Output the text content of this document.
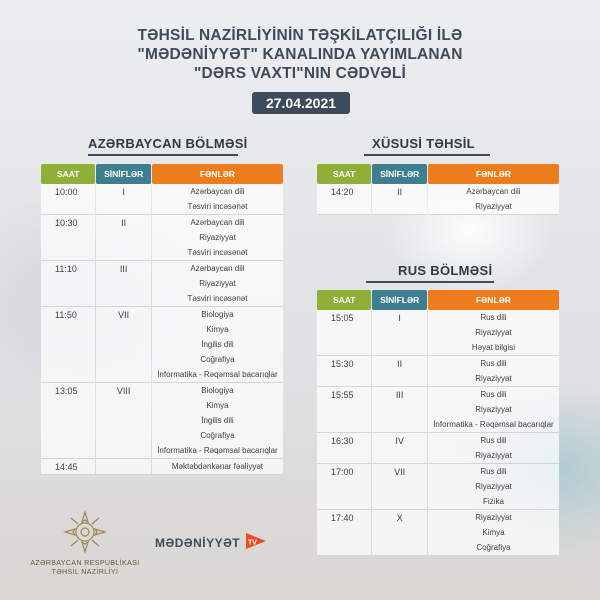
TƏHSİL NAZİRLİYİNİN TƏŞKİLATÇILIĞI İLƏ
"MƏDƏNİYYƏT" KANALINDA YAYIMLANAN
"DƏRS VAXTI"NIN CƏDVƏLİ
27.04.2021
AZƏRBAYCAN BÖLMƏSİ
SAAT	SİNİFLƏR	FƏNLƏR
10:00	I	Azərbaycan dili
Təsviri incəsənət

10:30	II	Azərbaycan dili
Riyaziyyat
Təsviri incəsənət

11:10	III	Azərbaycan dili
Riyaziyyat
Təsviri incəsənət

11:50	VII	Biologiya
Kimya
İngilis dili
Coğrafiya
İnformatika - Rəqəmsal bacarıqlar

13:05	VIII	Biologiya
Kimya
İngilis dili
Coğrafiya
İnformatika - Rəqəmsal bacarıqlar

14:45		Məktəbdənkənar fəaliyyət
XÜSUSİ TƏHSİL
SAAT	SİNİFLƏR	FƏNLƏR
14:20	II	Azərbaycan dili
Riyaziyyat
RUS BÖLMƏSİ
SAAT	SİNİFLƏR	FƏNLƏR
15:05	I	Rus dili
Riyaziyyat
Həyat bilgisi

15:30	II	Rus dili
Riyaziyyat

15:55	III	Rus dili
Riyaziyyat
İnformatika - Rəqəmsal bacarıqlar

16:30	IV	Rus dili
Riyaziyyat

17:00	VII	Rus dili
Riyaziyyat
Fizika

17:40	X	Riyaziyyat
Kimya
Coğrafiya
AZƏRBAYCAN RESPUBLİKASI
TƏHSİL NAZİRLİYİ
MƏDƏNİYYƏT TV
